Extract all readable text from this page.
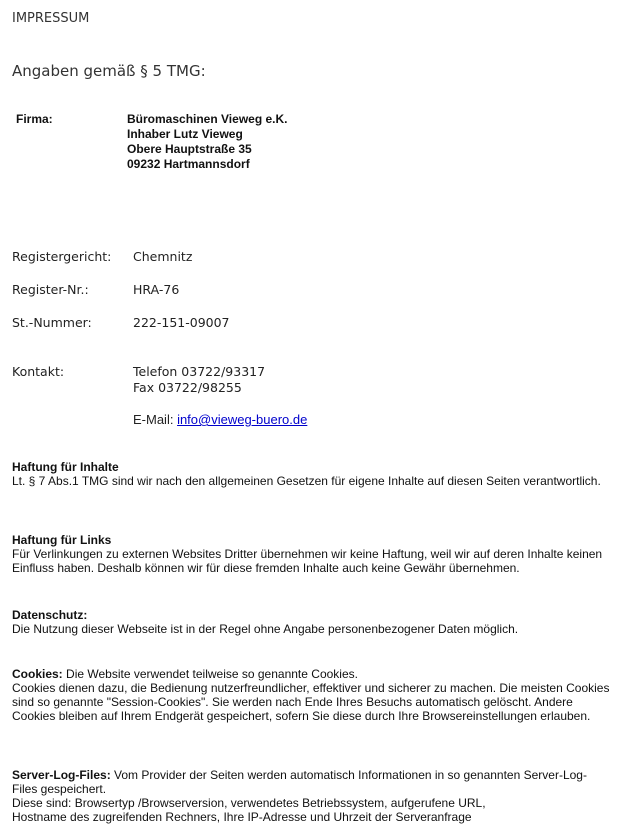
IMPRESSUM
Angaben gemäß § 5 TMG:
Firma:	Büromaschinen Vieweg e.K.
Inhaber Lutz Vieweg
Obere Hauptstraße 35
09232 Hartmannsdorf
Registergericht: Chemnitz
Register-Nr.:	HRA-76
St.-Nummer:	222-151-09007
Kontakt:	Telefon 03722/93317
Fax 03722/98255
E-Mail: info@vieweg-buero.de
Haftung für Inhalte
Lt. § 7 Abs.1 TMG sind wir nach den allgemeinen Gesetzen für eigene Inhalte auf diesen Seiten verantwortlich.
Haftung für Links
Für Verlinkungen zu externen Websites Dritter übernehmen wir keine Haftung, weil wir auf deren Inhalte keinen Einfluss haben. Deshalb können wir für diese fremden Inhalte auch keine Gewähr übernehmen.
Datenschutz:
Die Nutzung dieser Webseite ist in der Regel ohne Angabe personenbezogener Daten möglich.
Cookies: Die Website verwendet teilweise so genannte Cookies.
Cookies dienen dazu, die Bedienung nutzerfreundlicher, effektiver und sicherer zu machen. Die meisten Cookies sind so genannte "Session-Cookies". Sie werden nach Ende Ihres Besuchs automatisch gelöscht. Andere Cookies bleiben auf Ihrem Endgerät gespeichert, sofern Sie diese durch Ihre Browsereinstellungen erlauben.
Server-Log-Files: Vom Provider der Seiten werden automatisch Informationen in so genannten Server-Log-Files gespeichert.
Diese sind: Browsertyp /Browserversion, verwendetes Betriebssystem, aufgerufene URL,
Hostname des zugreifenden Rechners, Ihre IP-Adresse und Uhrzeit der Serveranfrage
